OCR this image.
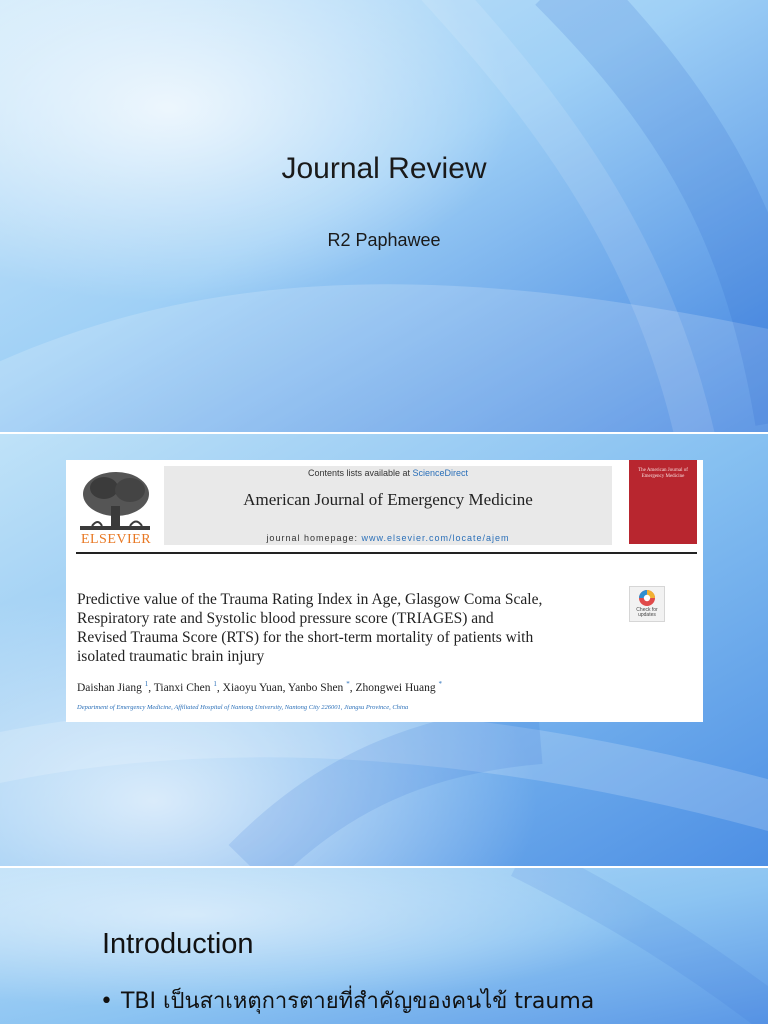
Journal Review
R2 Paphawee
ELSEVIER
Contents lists available at ScienceDirect
American Journal of Emergency Medicine
journal homepage: www.elsevier.com/locate/ajem
The American Journal of Emergency Medicine
Predictive value of the Trauma Rating Index in Age, Glasgow Coma Scale,
Respiratory rate and Systolic blood pressure score (TRIAGES) and
Revised Trauma Score (RTS) for the short-term mortality of patients with
isolated traumatic brain injury
Check for updates
Daishan Jiang $^1$, Tianxi Chen $^1$, Xiaoyu Yuan, Yanbo Shen *, Zhongwei Huang *
Department of Emergency Medicine, Affiliated Hospital of Nantong University, Nantong City 226001, Jiangsu Province, China
Introduction
• TBI เป็นสาเหตุการตายที่สำคัญของคนไข้ trauma
